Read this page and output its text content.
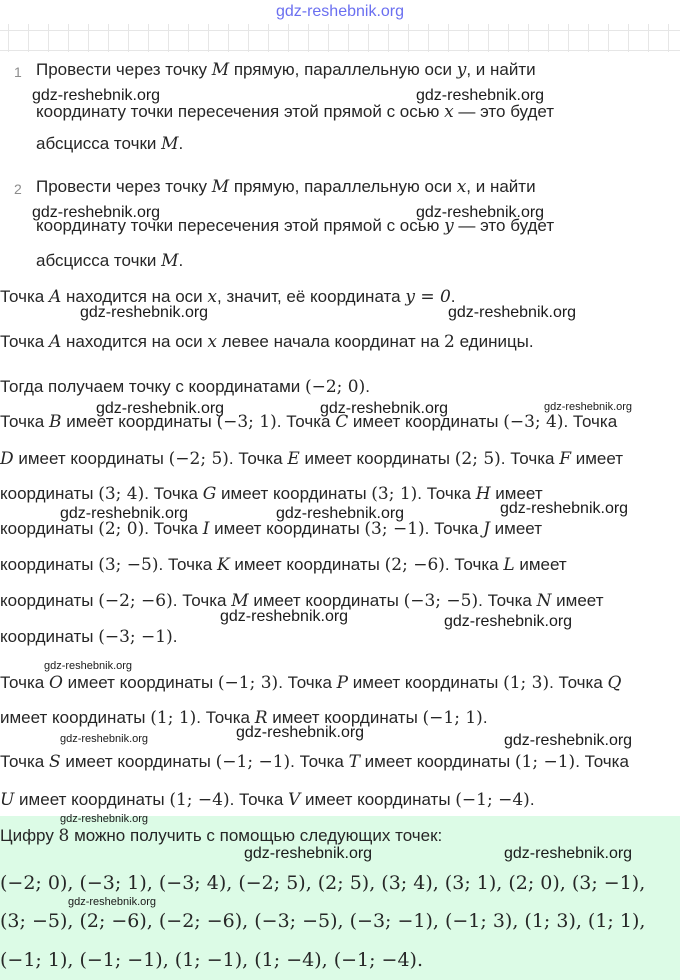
gdz-reshebnik.org
1 Провести через точку M прямую, параллельную оси y, и найти
координату точки пересечения этой прямой с осью x — это будет
абсцисса точки M.
2 Провести через точку M прямую, параллельную оси x, и найти
координату точки пересечения этой прямой с осью y — это будет
абсцисса точки M.
Точка A находится на оси x, значит, её координата y = 0.
Точка A находится на оси x левее начала координат на 2 единицы.
Тогда получаем точку с координатами (−2; 0).
Точка B имеет координаты (−3; 1). Точка C имеет координаты (−3; 4). Точка
D имеет координаты (−2; 5). Точка E имеет координаты (2; 5). Точка F имеет
координаты (3; 4). Точка G имеет координаты (3; 1). Точка H имеет
координаты (2; 0). Точка I имеет координаты (3; −1). Точка J имеет
координаты (3; −5). Точка K имеет координаты (2; −6). Точка L имеет
координаты (−2; −6). Точка M имеет координаты (−3; −5). Точка N имеет
координаты (−3; −1).
Точка O имеет координаты (−1; 3). Точка P имеет координаты (1; 3). Точка Q
имеет координаты (1; 1). Точка R имеет координаты (−1; 1).
Точка S имеет координаты (−1; −1). Точка T имеет координаты (1; −1). Точка
U имеет координаты (1; −4). Точка V имеет координаты (−1; −4).
Цифру 8 можно получить с помощью следующих точек:
(−2; 0), (−3; 1), (−3; 4), (−2; 5), (2; 5), (3; 4), (3; 1), (2; 0), (3; −1),
(3; −5), (2; −6), (−2; −6), (−3; −5), (−3; −1), (−1; 3), (1; 3), (1; 1),
(−1; 1), (−1; −1), (1; −1), (1; −4), (−1; −4).
gdz-reshebnik.org	gdz-reshebnik.org
gdz-reshebnik.org	gdz-reshebnik.org
gdz-reshebnik.org	gdz-reshebnik.org
gdz-reshebnik.org	gdz-reshebnik.org	gdz-reshebnik.org
gdz-reshebnik.org	gdz-reshebnik.org	gdz-reshebnik.org
gdz-reshebnik.org	gdz-reshebnik.org
gdz-reshebnik.org
gdz-reshebnik.org	gdz-reshebnik.org	gdz-reshebnik.org
gdz-reshebnik.org
gdz-reshebnik.org	gdz-reshebnik.org
gdz-reshebnik.org
